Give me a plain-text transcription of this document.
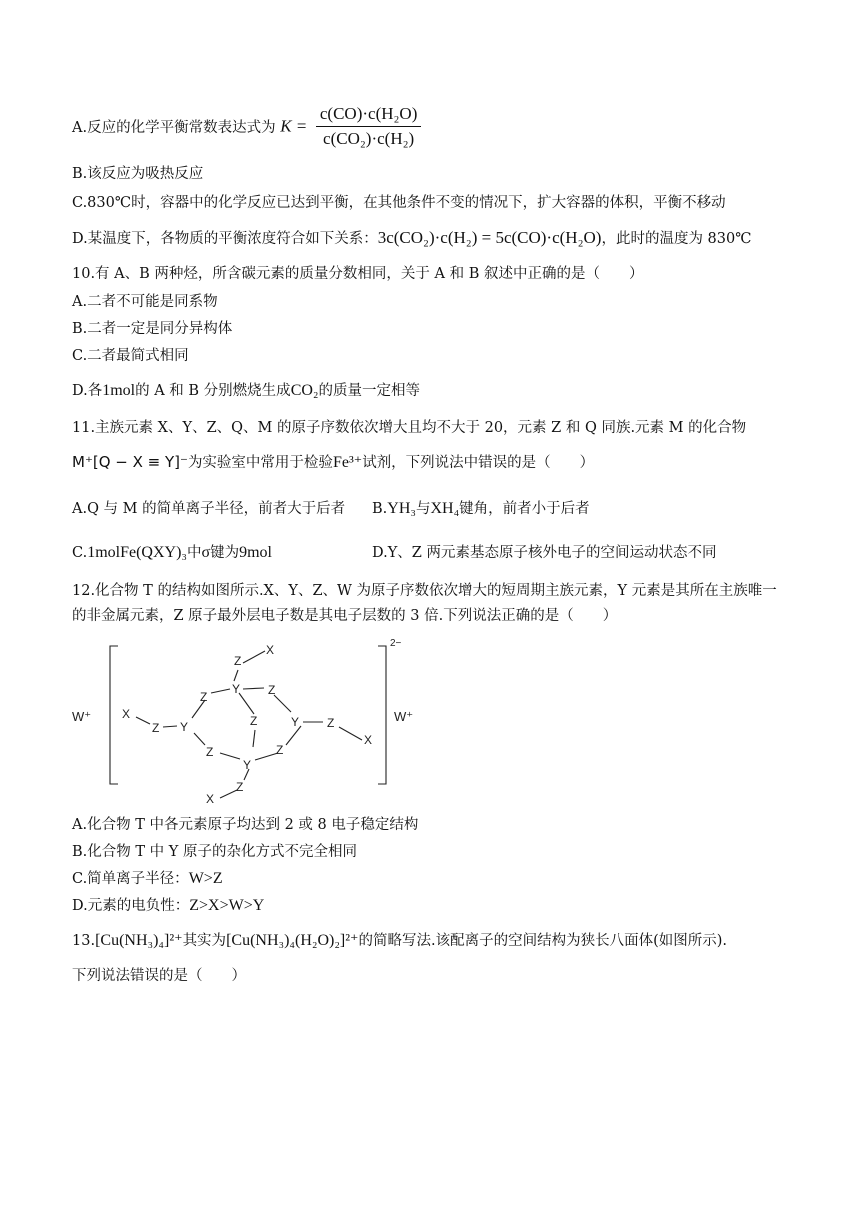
A.反应的化学平衡常数表达式为 $K = \frac{\text{c(CO)·c(H₂O)}}{\text{c(CO₂)·c(H₂)}}$
B.该反应为吸热反应
C.830℃时，容器中的化学反应已达到平衡，在其他条件不变的情况下，扩大容器的体积，平衡不移动
D.某温度下，各物质的平衡浓度符合如下关系：3c(CO₂)·c(H₂) = 5c(CO)·c(H₂O)，此时的温度为 830℃
10.有 A、B 两种烃，所含碳元素的质量分数相同，关于 A 和 B 叙述中正确的是（　　）
A.二者不可能是同系物
B.二者一定是同分异构体
C.二者最简式相同
D.各1mol的 A 和 B 分别燃烧生成CO₂的质量一定相等
11.主族元素 X、Y、Z、Q、M 的原子序数依次增大且均不大于 20，元素 Z 和 Q 同族.元素 M 的化合物
M⁺[Q − X ≡ Y]⁻为实验室中常用于检验Fe³⁺试剂，下列说法中错误的是（　　）
A.Q 与 M 的简单离子半径，前者大于后者 B.YH₃与XH₄键角，前者小于后者
C.1molFe(QXY)₃中σ键为9mol	D.Y、Z 两元素基态原子核外电子的空间运动状态不同
12.化合物 T 的结构如图所示.X、Y、Z、W 为原子序数依次增大的短周期主族元素，Y 元素是其所在主族唯一
的非金属元素，Z 原子最外层电子数是其电子层数的 3 倍.下列说法正确的是（　　）
Z
X
Y
Z	Z
Z	Y Z
X
X
Z Y
Z	Z
Y
Z
X
W⁺	W⁺
2−
A.化合物 T 中各元素原子均达到 2 或 8 电子稳定结构
B.化合物 T 中 Y 原子的杂化方式不完全相同
C.简单离子半径：W>Z
D.元素的电负性：Z>X>W>Y
13.[Cu(NH₃)₄]²⁺其实为[Cu(NH₃)₄(H₂O)₂]²⁺的简略写法.该配离子的空间结构为狭长八面体(如图所示).
下列说法错误的是（　　）
